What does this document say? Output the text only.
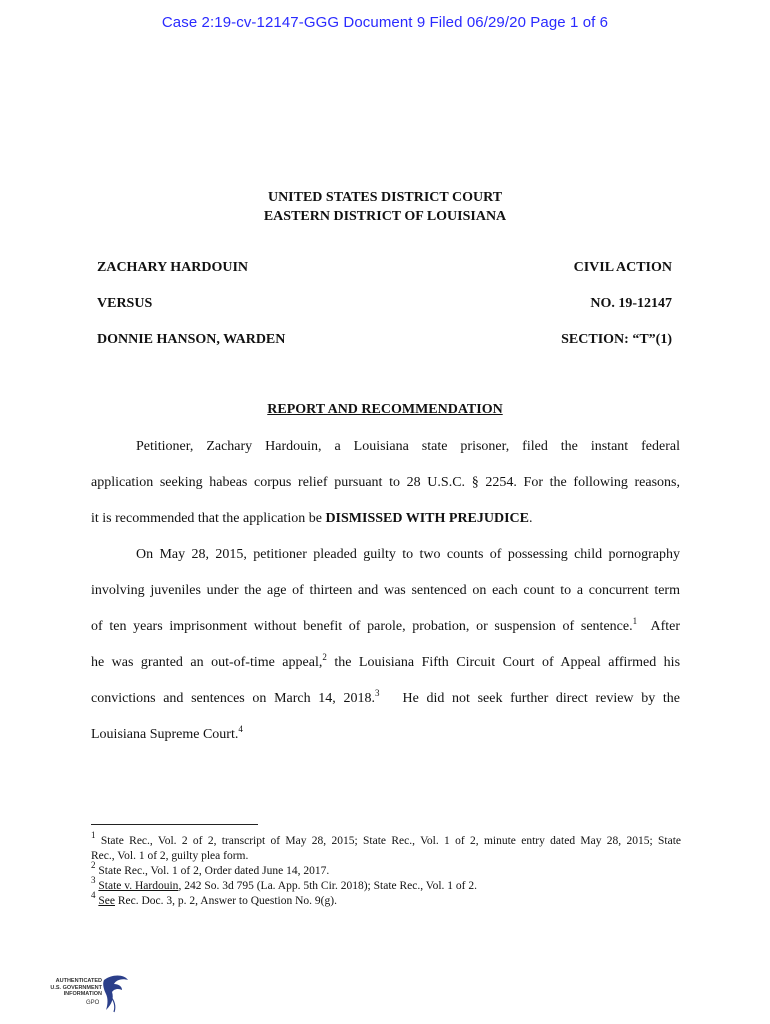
Case 2:19-cv-12147-GGG Document 9 Filed 06/29/20 Page 1 of 6
UNITED STATES DISTRICT COURT
EASTERN DISTRICT OF LOUISIANA
ZACHARY HARDOUIN	CIVIL ACTION
VERSUS	NO. 19-12147
DONNIE HANSON, WARDEN	SECTION: “T”(1)
REPORT AND RECOMMENDATION
Petitioner, Zachary Hardouin, a Louisiana state prisoner, filed the instant federal
application seeking habeas corpus relief pursuant to 28 U.S.C. § 2254. For the following reasons,
it is recommended that the application be DISMISSED WITH PREJUDICE.
On May 28, 2015, petitioner pleaded guilty to two counts of possessing child pornography
involving juveniles under the age of thirteen and was sentenced on each count to a concurrent term
of ten years imprisonment without benefit of parole, probation, or suspension of sentence.$^1$ After
he was granted an out-of-time appeal,$^2$ the Louisiana Fifth Circuit Court of Appeal affirmed his
convictions and sentences on March 14, 2018.$^3$ He did not seek further direct review by the
Louisiana Supreme Court.$^4$
$^1$ State Rec., Vol. 2 of 2, transcript of May 28, 2015; State Rec., Vol. 1 of 2, minute entry dated May 28, 2015; State
Rec., Vol. 1 of 2, guilty plea form.
$^2$ State Rec., Vol. 1 of 2, Order dated June 14, 2017.
$^3$ State v. Hardouin, 242 So. 3d 795 (La. App. 5th Cir. 2018); State Rec., Vol. 1 of 2.
$^4$ See Rec. Doc. 3, p. 2, Answer to Question No. 9(g).
AUTHENTICATED
U.S. GOVERNMENT
INFORMATION
GPO
